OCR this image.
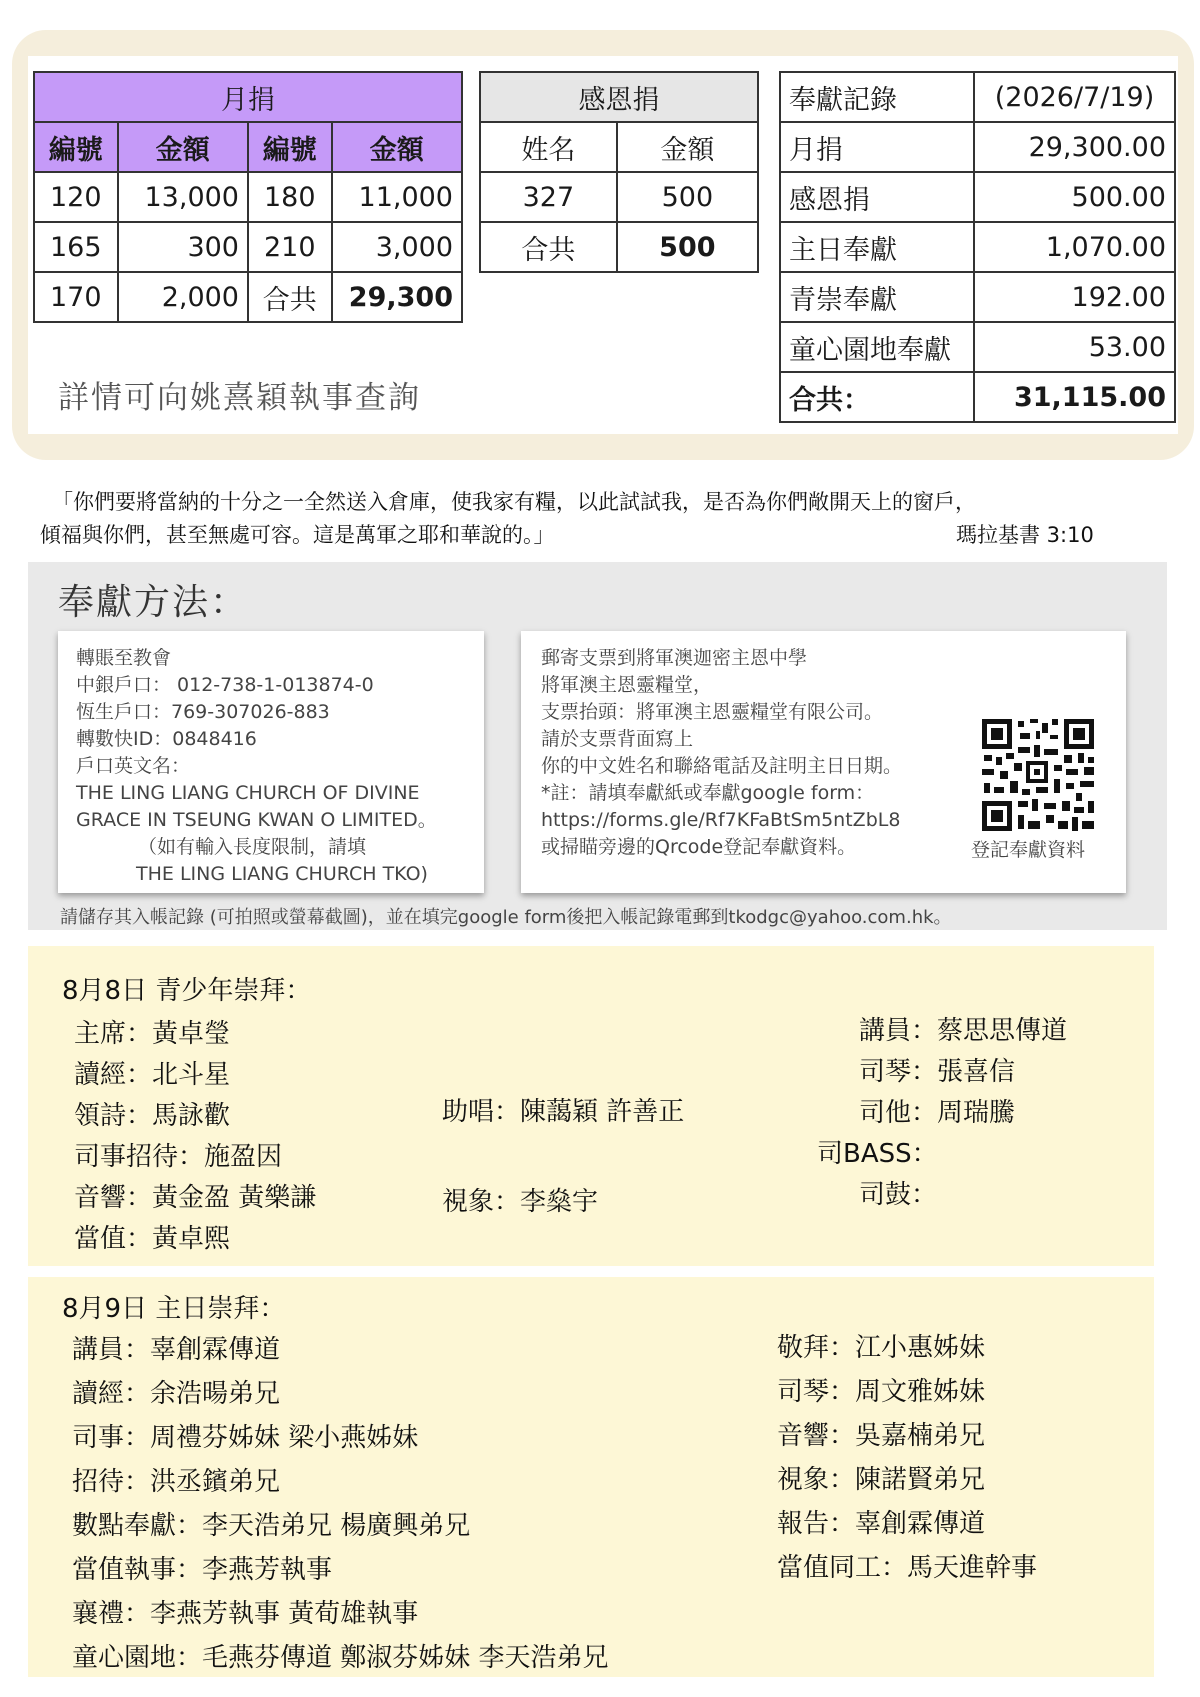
月捐			
編號	金額	編號	金額
120	13,000	180	11,000
165	300	210	3,000
170	2,000	合共	29,300
感恩捐	
姓名	金額
327	500
合共	500
奉獻記錄	(2026/7/19)
月捐	29,300.00
感恩捐	500.00
主日奉獻	1,070.00
青崇奉獻	192.00
童心園地奉獻	53.00
合共：	31,115.00
詳情可向姚熹穎執事查詢
「你們要將當納的十分之一全然送入倉庫，使我家有糧，以此試試我，是否為你們敞開天上的窗戶，
傾福與你們，甚至無處可容。這是萬軍之耶和華說的。」	瑪拉基書 3:10
奉獻方法：
轉賬至教會
中銀戶口： 012-738-1-013874-0
恆生戶口：769-307026-883
轉數快ID：0848416
戶口英文名：
THE LING LIANG CHURCH OF DIVINE
GRACE IN TSEUNG KWAN O LIMITED。
（如有輸入長度限制，請填
THE LING LIANG CHURCH TKO)
郵寄支票到將軍澳迦密主恩中學
將軍澳主恩靈糧堂，
支票抬頭：將軍澳主恩靈糧堂有限公司。
請於支票背面寫上
你的中文姓名和聯絡電話及註明主日日期。
*註：請填奉獻紙或奉獻google form：
https://forms.gle/Rf7KFaBtSm5ntZbL8
或掃瞄旁邊的Qrcode登記奉獻資料。	登記奉獻資料
請儲存其入帳記錄 (可拍照或螢幕截圖)，並在填完google form後把入帳記錄電郵到tkodgc@yahoo.com.hk。
8月8日 青少年崇拜：
主席：黃卓瑩
讀經：北斗星
領詩：馬詠歡
司事招待：施盈因
音響：黃金盈 黃樂謙
當值：黃卓熙
助唱：陳藹穎 許善正
視象：李燊宇
講員：蔡思思傳道
司琴：張喜信
司他：周瑞騰
司BASS：
司鼓：
8月9日 主日崇拜：
講員：辜創霖傳道
讀經：余浩暘弟兄
司事：周禮芬姊妹 梁小燕姊妹
招待：洪丞鑌弟兄
數點奉獻：李天浩弟兄 楊廣興弟兄
當值執事：李燕芳執事
襄禮：李燕芳執事 黃荀雄執事
童心園地：毛燕芬傳道 鄭淑芬姊妹 李天浩弟兄
敬拜：江小惠姊妹
司琴：周文雅姊妹
音響：吳嘉楠弟兄
視象：陳諾賢弟兄
報告：辜創霖傳道
當值同工：馬天進幹事
